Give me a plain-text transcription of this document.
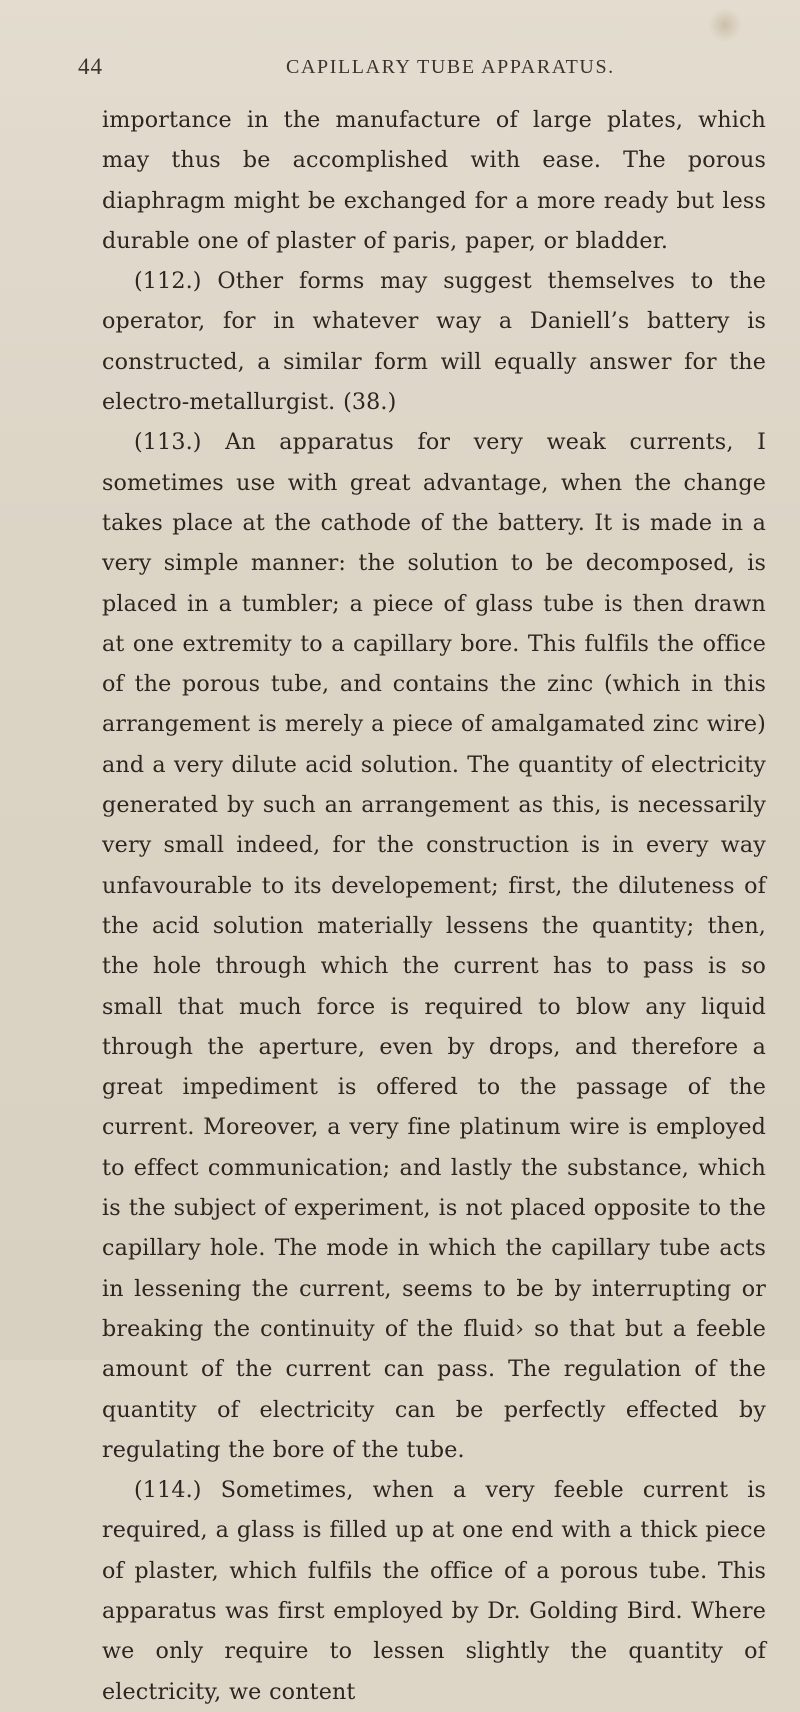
44	CAPILLARY TUBE APPARATUS.

importance in the manufacture of large plates, which may thus be accomplished with ease. The porous diaphragm might be exchanged for a more ready but less durable one of plaster of paris, paper, or bladder.

(112.) Other forms may suggest themselves to the operator, for in whatever way a Daniell’s battery is constructed, a similar form will equally answer for the electro-metallurgist. (38.)

(113.) An apparatus for very weak currents, I sometimes use with great advantage, when the change takes place at the cathode of the battery. It is made in a very simple manner: the solution to be decomposed, is placed in a tumbler; a piece of glass tube is then drawn at one extremity to a capillary bore. This fulfils the office of the porous tube, and contains the zinc (which in this arrangement is merely a piece of amalgamated zinc wire) and a very dilute acid solution. The quantity of electricity generated by such an arrangement as this, is necessarily very small indeed, for the construction is in every way unfavourable to its developement; first, the diluteness of the acid solution materially lessens the quantity; then, the hole through which the current has to pass is so small that much force is required to blow any liquid through the aperture, even by drops, and therefore a great impediment is offered to the passage of the current. Moreover, a very fine platinum wire is employed to effect communication; and lastly the substance, which is the subject of experiment, is not placed opposite to the capillary hole. The mode in which the capillary tube acts in lessening the current, seems to be by interrupting or breaking the continuity of the fluid› so that but a feeble amount of the current can pass. The regulation of the quantity of electricity can be perfectly effected by regulating the bore of the tube.

(114.) Sometimes, when a very feeble current is required, a glass is filled up at one end with a thick piece of plaster, which fulfils the office of a porous tube. This apparatus was first employed by Dr. Golding Bird. Where we only require to lessen slightly the quantity of electricity, we content
